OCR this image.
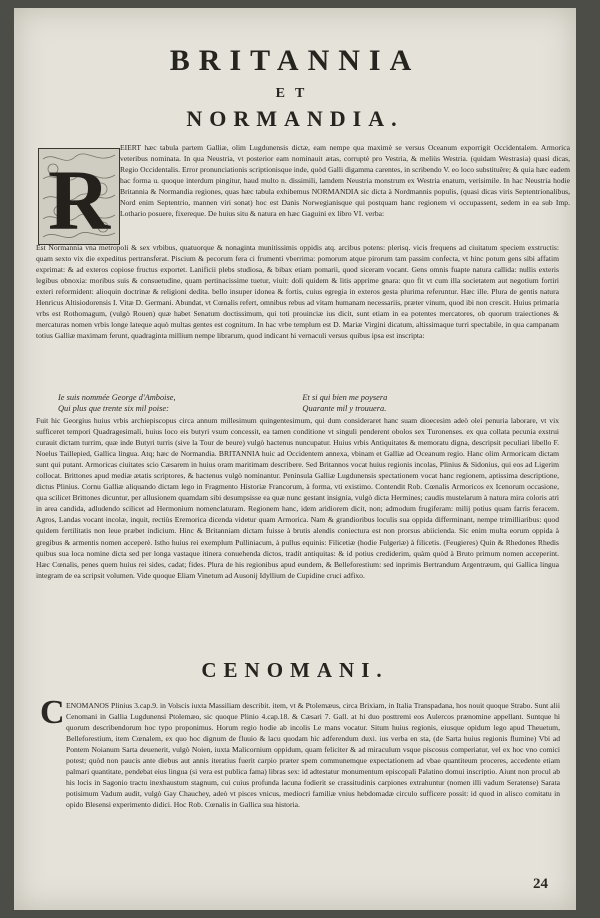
BRITANNIA
ET
NORMANDIA.
R

EIERT hæc tabula partem Galliæ, olim Lugdunensis dictæ, eam nempe qua maximè se versus Oceanum exporrigit Occidentalem. Armorica veteribus nominata. In qua Neustria, vt posterior eam nominauit ætas, corruptè pro Vestria, & meliùs Westria. (quidam Westrasia) quasi dicas, Regio Occidentalis. Error pronunciationis scriptionisque inde, quòd Galli digamma carentes, in scribendo V. eo loco substituêre; & quia hæc eadem hac forma u. quoque interdum pingitur, haud multo n. dissimili, lamdem Neustria monstrum ex Westria enatum, verisimile. In hac Neustria hodie Britannia & Normandia regiones, quas hæc tabula exhibemus NORMANDIA sic dicta à Nordmannis populis, (quasi dicas viris Septentrionalibus, Nord enim Septentrio, mannen viri sonat) hoc est Danis Norwegianisque qui postquam hanc regionem vi occupassent, sedem in ea sub Imp. Lothario posuere, fixereque. De huius situ & natura en hæc Gaguini ex libro VI. verba:

Est Normannia vna metropoli & sex vrbibus, quatuorque & nonaginta munitissimis oppidis atq. arcibus potens: plerisq. vicis frequens ad ciuitatum speciem exstructis: quam sexto vix die expeditus pertransferat. Piscium & pecorum fera ci frumenti vberrima: pomorum atque pirorum tam passim confecta, vt hinc potum gens sibi affatim exprimat: & ad exteros copiose fructus exportet. Lanificii plebs studiosa, & bibax etiam pomarii, quod siceram vocant. Gens omnis fuapte natura callida: nullis exteris legibus obnoxia: moribus suis & consuetudine, quam pertinacissime tuetur, viuit: doli quidem & litis apprime gnara: quo fit vt cum illa societatem aut negotium fortiri exteri reformident: alioquin doctrinæ & religioni dedita. bello insuper idonea & fortis, cuius egregia in exteros gesta plurima referuntur. Hæc ille. Plura de gentis natura Henricus Altisiodorensis I. Vitæ D. Germani. Abundat, vt Cœnalis refert, omnibus rebus ad vitam humanam necessariis, præter vinum, quod ibi non crescit. Huius primaria vrbs est Rothomagum, (vulgò Rouen) quæ habet Senatum doctissimum, qui toti prouinciæ ius dicit, sunt etiam in ea potentes mercatores, ob quorum traiectiones & mercaturas nomen vrbis longe lateque aquò multas gentes est cognitum. In hac vrbe templum est D. Mariæ Virgini dicatum, altissimaque turri spectabile, in qua campanam totius Galliæ maximam ferunt, quadraginta millium nempe librarum, quod indicant hi vernaculi versus quibus ipsa est inscripta:

Ie suis nommée George d'Amboise,	Et si qui bien me poysera
Qui plus que trente six mil poise:	Quarante mil y trouuera.

Fuit hic Georgius huius vrbis archiepiscopus circa annum millesimum quingentesimum, qui dum consideraret hanc suam dioecesim adeò olei penuria laborare, vt vix sufficeret tempori Quadragesimali, huius loco eis butyri vsum concessit, ea tamen conditione vt singuli penderent obolos sex Turonenses. ex qua collata pecunia exstrui curauit dictam turrim, quæ inde Butyri turris (sive la Tour de beure) vulgò hactenus nuncupatur. Huius vrbis Antiquitates & memoratu digna, descripsit peculiari libello F. Noelus Taillepied, Gallica lingua. Atq; hæc de Normandia. BRITANNIA huic ad Occidentem annexa, vbinam et Galliæ ad Oceanum regio. Hanc olim Armoricam dictam sunt qui putant. Armoricas ciuitates scio Cæsarem in huius oram maritimam describere. Sed Britannos vocat huius regionis incolas, Plinius & Sidonius, qui eos ad Ligerim collocat. Brittones apud mediæ ætatis scriptores, & hactenus vulgò nominantur. Peninsula Galliæ Lugdunensis spectationem vocat hanc regionem, aptissima descriptione, dictus Plinius. Cornu Galliæ aliquando dictam lego in Fragmento Historiæ Francorum, à forma, vti existimo. Contendit Rob. Cœnalis Armoricos ex Icenorum occasione, qua scilicet Brittones dicuntur, per allusionem quamdam sibi desumpsisse ea quæ nunc gestant insignia, vulgò dicta Hermines; caudis mustelarum à natura mira coloris atri in area candida, adludendo scilicet ad Hermonium nomenclaturam. Regionem hanc, idem aridiorem dicit, non; admodum frugiferam: milij potius quam farris feracem. Agros, Landas vocant incolæ, inquit, rectiùs Eremorica dicenda videtur quam Armorica. Nam & grandioribus loculis sua oppida differminant, nempe trimilliaribus: quod quidem fertilitatis non leue præbet indicium. Hinc & Britanniam dictam fuisse à brutis alendis coniectura est non prorsus abiicienda. Sic enim multa eorum oppida à gregibus & armentis nomen acceperè. Istho huius rei exemplum Pulliniacum, à pullus equinis: Filicetiæ (hodie Fulgeriæ) à filicetis. (Feugieres) Quin & Rhedones Rhedis quibus sua loca nomine dicta sed per longa vastaque itinera conuehenda dictos, tradit antiquitas: & id potius crediderim, quàm quòd à Bruto primum nomen acceperint. Hæc Cœnalis, penes quem huius rei sides, cadat; fides. Plura de his regionibus apud eundem, & Belleforestium: sed inprimis Bertrandum Argentræum, qui Gallica lingua integram de ea scripsit volumen. Vide quoque Eliam Vinetum ad Ausonij Idyllium de Cupidine cruci adfixo.

CENOMANI.
C ENOMANOS Plinius 3.cap.9. in Volscis iuxta Massiliam describit. item, vt & Ptolemæus, circa Brixiam, in Italia Transpadana, hos nouit quoque Strabo. Sunt alii Cenomani in Gallia Lugdunensi Ptolemæo, sic quoque Plinio 4.cap.18. & Cæsari 7. Gall. at hi duo posttremi eos Aulercos prænomine appellant. Suntque hi quorum describendorum hoc typo proponimus. Horum regio hodie ab incolis Le mans vocatur. Situm huius regionis, eiusque opidum lego apud Theuetum, Belleforestium, item Cœnalem, ex quo hoc dignum de fluuio & lacu quodam hic adferendum duxi. ius verba en sta, (de Sarta huius regionis flumine) Vbi ad Pontem Noianum Sarta deuenerit, vulgò Noien, iuxta Malicornium oppidum, quam feliciter & ad miraculum vsque piscosus comperiatur, vel ex hoc vno comici potest; quòd non paucis ante diebus aut annis iteratius fuerit carpio præter spem communemque expectationem ad vbae quantiteum proceres, accedente etiam palmari quantitate, pendebat eius lingua (si vera est publica fama) libras sex: id adtestatur monumentum episcopali Palatino domui inscriptio. Aiunt non procul ab his locis in Sagonio tractu inexhaustum stagnum, cui cuius profunda lacuna fodierit se crassitudinis carpiones extrahuntur (nomen illi vadum Seratense) Sarata potisimum Vadum audit, vulgò Gay Chauchey, adeò vt pisces vnicus, mediocri familiæ vnius hebdomadæ circulo sufficere possit: id quod in alisco comitatu in opido Blesensi experimento didici. Hoc Rob. Cœnalis in Gallica sua historia.

24
